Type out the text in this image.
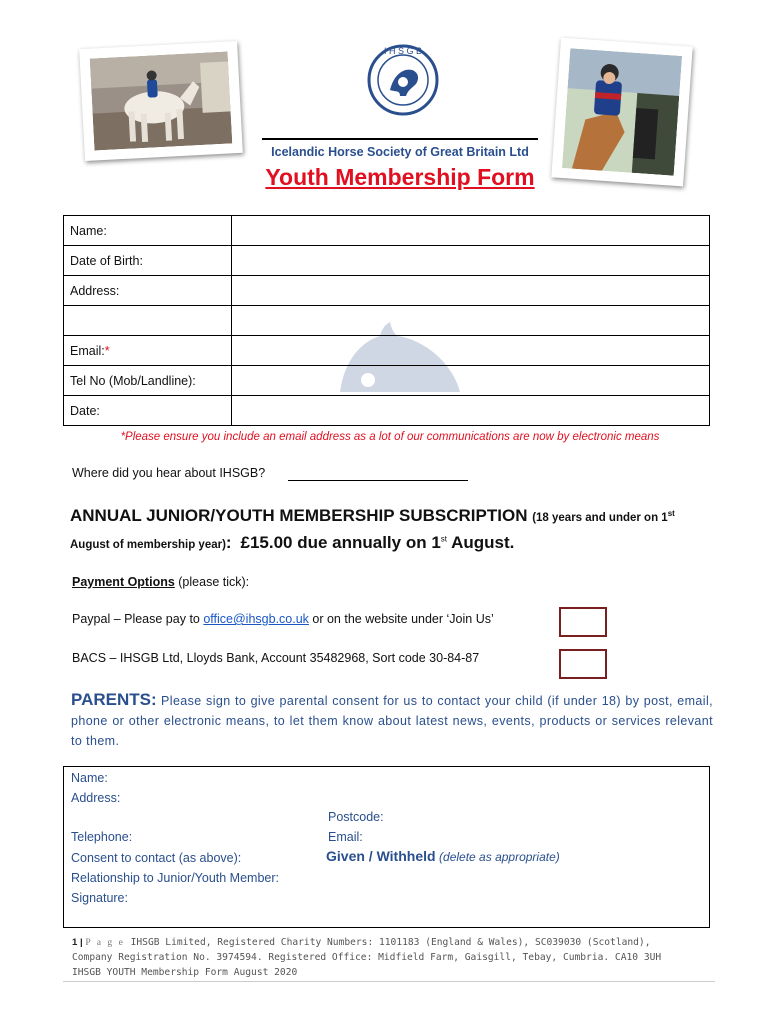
I H S G B
Icelandic Horse Society of Great Britain Ltd
Youth Membership Form
Name:	
Date of Birth:	
Address:	

Email:*	
Tel No (Mob/Landline):	
Date:	
*Please ensure you include an email address as a lot of our communications are now by electronic means
Where did you hear about IHSGB?
ANNUAL JUNIOR/YOUTH MEMBERSHIP SUBSCRIPTION (18 years and under on 1st
August of membership year): £15.00 due annually on 1st August.
Payment Options (please tick):
Paypal – Please pay to office@ihsgb.co.uk or on the website under ‘Join Us’
BACS – IHSGB Ltd, Lloyds Bank, Account 35482968, Sort code 30-84-87
PARENTS: Please sign to give parental consent for us to contact your child (if under 18) by post, email, phone or other electronic means, to let them know about latest news, events, products or services relevant to them.
Name:
Address:
Postcode:
Telephone:	Email:
Consent to contact (as above):	Given / Withheld (delete as appropriate)
Relationship to Junior/Youth Member:
Signature:
1 | P a g e IHSGB Limited, Registered Charity Numbers: 1101183 (England & Wales), SC039030 (Scotland),
Company Registration No. 3974594. Registered Office: Midfield Farm, Gaisgill, Tebay, Cumbria. CA10 3UH
IHSGB YOUTH Membership Form August 2020
